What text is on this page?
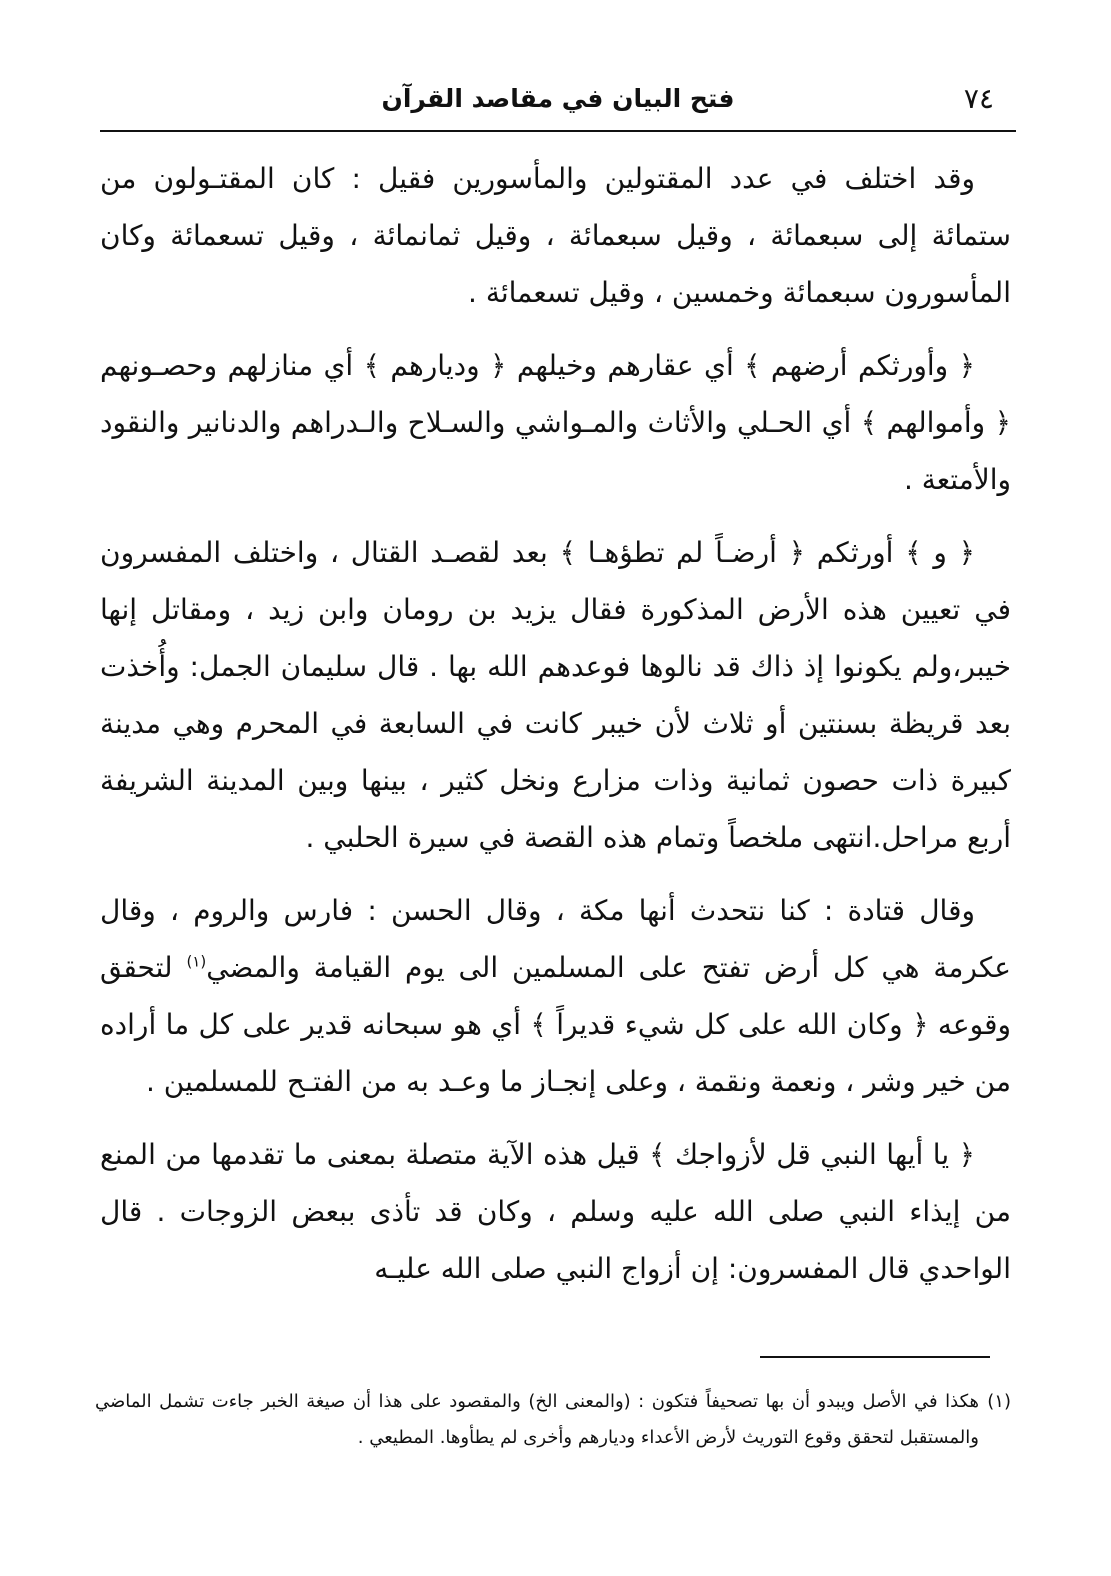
فتح البيان في مقاصد القرآن	٧٤

وقد اختلف في عدد المقتولين والمأسورين فقيل : كان المقتـولون من ستمائة إلى سبعمائة ، وقيل سبعمائة ، وقيل ثمانمائة ، وقيل تسعمائة وكان المأسورون سبعمائة وخمسين ، وقيل تسعمائة .

﴿ وأورثكم أرضهم ﴾ أي عقارهم وخيلهم ﴿ وديارهم ﴾ أي منازلهم وحصـونهم ﴿ وأموالهم ﴾ أي الحـلي والأثاث والمـواشي والسـلاح والـدراهم والدنانير والنقود والأمتعة .

﴿ و ﴾ أورثكم ﴿ أرضـاً لم تطؤهـا ﴾ بعد لقصـد القتال ، واختلف المفسرون في تعيين هذه الأرض المذكورة فقال يزيد بن رومان وابن زيد ، ومقاتل إنها خيبر،ولم يكونوا إذ ذاك قد نالوها فوعدهم الله بها . قال سليمان الجمل: وأُخذت بعد قريظة بسنتين أو ثلاث لأن خيبر كانت في السابعة في المحرم وهي مدينة كبيرة ذات حصون ثمانية وذات مزارع ونخل كثير ، بينها وبين المدينة الشريفة أربع مراحل.انتهى ملخصاً وتمام هذه القصة في سيرة الحلبي .

وقال قتادة : كنا نتحدث أنها مكة ، وقال الحسن : فارس والروم ، وقال عكرمة هي كل أرض تفتح على المسلمين الى يوم القيامة والمضي$^{(١)}$ لتحقق وقوعه ﴿ وكان الله على كل شيء قديراً ﴾ أي هو سبحانه قدير على كل ما أراده من خير وشر ، ونعمة ونقمة ، وعلى إنجـاز ما وعـد به من الفتـح للمسلمين .

﴿ يا أيها النبي قل لأزواجك ﴾ قيل هذه الآية متصلة بمعنى ما تقدمها من المنع من إيذاء النبي صلى الله عليه وسلم ، وكان قد تأذى ببعض الزوجات . قال الواحدي قال المفسرون: إن أزواج النبي صلى الله عليـه

(١)هكذا في الأصل ويبدو أن بها تصحيفاً فتكون : (والمعنى الخ) والمقصود على هذا أن صيغة الخبر جاءت تشمل الماضي والمستقبل لتحقق وقوع التوريث لأرض الأعداء وديارهم وأخرى لم يطأوها. المطيعي .
